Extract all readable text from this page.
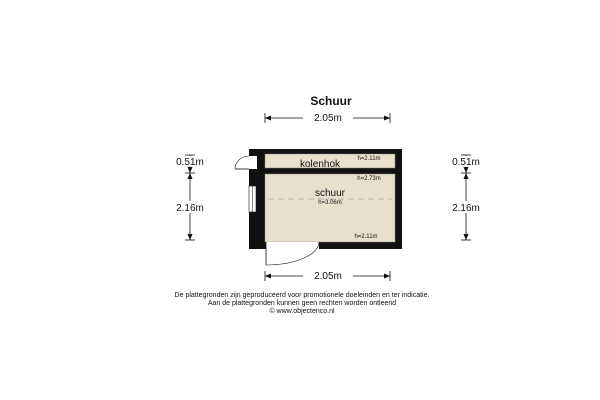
Schuur
2.05m
2.05m
0.51m
2.16m
0.51m
2.16m
kolenhok	h=2.11m
h=2.73m
schuur
h=3.06m
h=2.11m
De plattegronden zijn geproduceerd voor promotionele doeleinden en ter indicatie.
Aan de plattegronden kunnen geen rechten worden ontleend
© www.objectenco.nl
